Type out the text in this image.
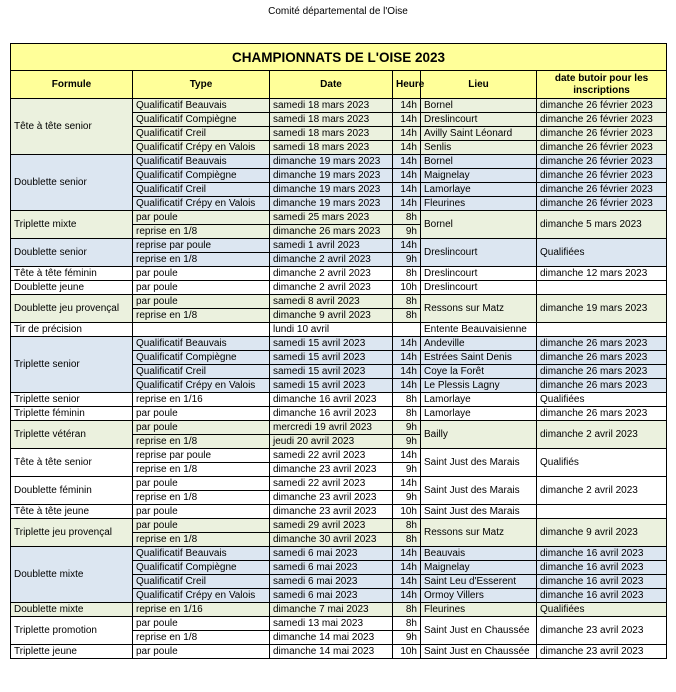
Comité départemental de l'Oise
CHAMPIONNATS DE L'OISE 2023					
Formule	Type	Date	Heure	Lieu	date butoir pour les inscriptions
Tête à tête senior	Qualificatif Beauvais	samedi 18 mars 2023	14h	Bornel	dimanche 26 février 2023
	Qualificatif Compiègne	samedi 18 mars 2023	14h	Dreslincourt	dimanche 26 février 2023
	Qualificatif Creil	samedi 18 mars 2023	14h	Avilly Saint Léonard	dimanche 26 février 2023
	Qualificatif Crépy en Valois	samedi 18 mars 2023	14h	Senlis	dimanche 26 février 2023
Doublette senior	Qualificatif Beauvais	dimanche 19 mars 2023	14h	Bornel	dimanche 26 février 2023
	Qualificatif Compiègne	dimanche 19 mars 2023	14h	Maignelay	dimanche 26 février 2023
	Qualificatif Creil	dimanche 19 mars 2023	14h	Lamorlaye	dimanche 26 février 2023
	Qualificatif Crépy en Valois	dimanche 19 mars 2023	14h	Fleurines	dimanche 26 février 2023
Triplette mixte	par poule	samedi 25 mars 2023	8h	Bornel	dimanche 5 mars 2023
	reprise en 1/8	dimanche 26 mars 2023	9h		
Doublette senior	reprise par poule	samedi 1 avril 2023	14h	Dreslincourt	Qualifiées
	reprise en 1/8	dimanche 2 avril 2023	9h		
Tête à tête féminin	par poule	dimanche 2 avril 2023	8h	Dreslincourt	dimanche 12 mars 2023
Doublette jeune	par poule	dimanche 2 avril 2023	10h	Dreslincourt	
Doublette jeu provençal	par poule	samedi 8 avril 2023	8h	Ressons sur Matz	dimanche 19 mars 2023
	reprise en 1/8	dimanche 9 avril 2023	8h		
Tir de précision		lundi 10 avril		Entente Beauvaisienne	
Triplette senior	Qualificatif Beauvais	samedi 15 avril 2023	14h	Andeville	dimanche 26 mars 2023
	Qualificatif Compiègne	samedi 15 avril 2023	14h	Estrées Saint Denis	dimanche 26 mars 2023
	Qualificatif Creil	samedi 15 avril 2023	14h	Coye la Forêt	dimanche 26 mars 2023
	Qualificatif Crépy en Valois	samedi 15 avril 2023	14h	Le Plessis Lagny	dimanche 26 mars 2023
Triplette senior	reprise en 1/16	dimanche 16 avril 2023	8h	Lamorlaye	Qualifiées
Triplette féminin	par poule	dimanche 16 avril 2023	8h	Lamorlaye	dimanche 26 mars 2023
Triplette vétéran	par poule	mercredi 19 avril 2023	9h	Bailly	dimanche 2 avril 2023
	reprise en 1/8	jeudi 20 avril 2023	9h		
Tête à tête senior	reprise par poule	samedi 22 avril 2023	14h	Saint Just des Marais	Qualifiés
	reprise en 1/8	dimanche 23 avril 2023	9h		
Doublette féminin	par poule	samedi 22 avril 2023	14h	Saint Just des Marais	dimanche 2 avril 2023
	reprise en 1/8	dimanche 23 avril 2023	9h		
Tête à tête jeune	par poule	dimanche 23 avril 2023	10h	Saint Just des Marais	
Triplette jeu provençal	par poule	samedi 29 avril 2023	8h	Ressons sur Matz	dimanche 9 avril 2023
	reprise en 1/8	dimanche 30 avril 2023	8h		
Doublette mixte	Qualificatif Beauvais	samedi 6 mai 2023	14h	Beauvais	dimanche 16 avril 2023
	Qualificatif Compiègne	samedi 6 mai 2023	14h	Maignelay	dimanche 16 avril 2023
	Qualificatif Creil	samedi 6 mai 2023	14h	Saint Leu d'Esserent	dimanche 16 avril 2023
	Qualificatif Crépy en Valois	samedi 6 mai 2023	14h	Ormoy Villers	dimanche 16 avril 2023
Doublette mixte	reprise en 1/16	dimanche 7 mai 2023	8h	Fleurines	Qualifiées
Triplette promotion	par poule	samedi 13 mai 2023	8h	Saint Just en Chaussée	dimanche 23 avril 2023
	reprise en 1/8	dimanche 14 mai 2023	9h		
Triplette jeune	par poule	dimanche 14 mai 2023	10h	Saint Just en Chaussée	dimanche 23 avril 2023
